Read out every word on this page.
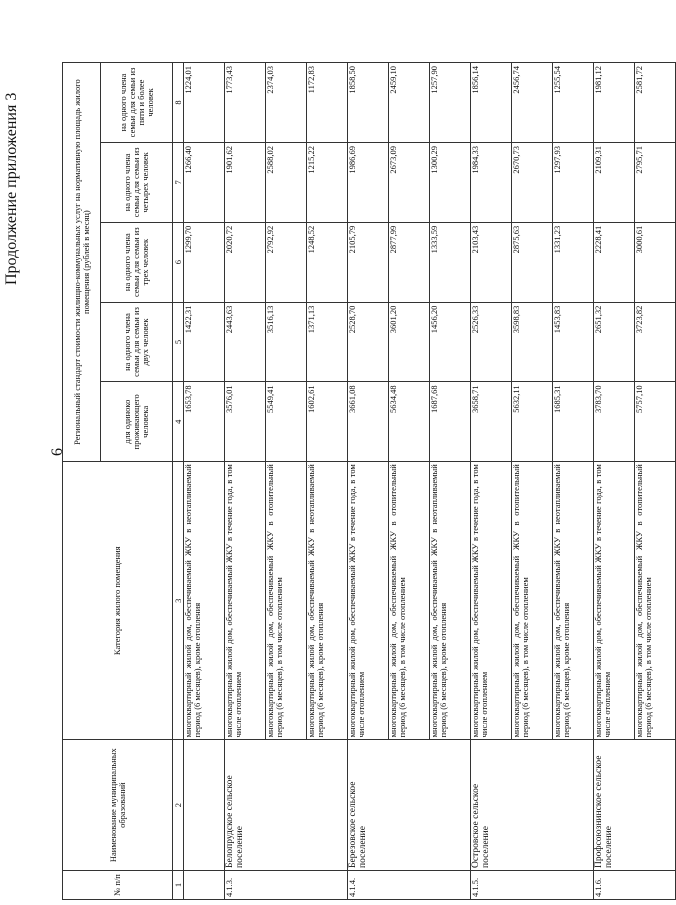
6
Продолжение приложения 3
№ п/п	Наименование муниципальных образований	Категория жилого помещения	Региональный стандарт стоимости жилищно-коммунальных услуг на нормативную площадь жилого помещения (рублей в месяц)				
			для одиноко проживающего человека	на одного члена семьи для семьи из двух человек	на одного члена семьи для семьи из трех человек	на одного члена семьи для семьи из четырех человек	на одного члена семьи для семьи из пяти и более человек
1	2	3	4	5	6	7	8
		многоквартирный жилой дом, обеспечиваемый ЖКУ в неотапливаемый период (6 месяцев), кроме отопления	1653,78	1422,31	1299,70	1266,40	1224,01
4.1.3.	Белопрудское сельское поселение	многоквартирный жилой дом, обеспечиваемый ЖКУ в течение года, в том числе отоплением	3576,01	2443,63	2020,72	1901,62	1773,43
		многоквартирный жилой дом, обеспечиваемый ЖКУ в отопительный период (6 месяцев), в том числе отоплением	5549,41	3516,13	2792,92	2588,02	2374,03
		многоквартирный жилой дом, обеспечиваемый ЖКУ в неотапливаемый период (6 месяцев), кроме отопления	1602,61	1371,13	1248,52	1215,22	1172,83
4.1.4.	Березовское сельское поселение	многоквартирный жилой дом, обеспечиваемый ЖКУ в течение года, в том числе отоплением	3661,08	2528,70	2105,79	1986,69	1858,50
		многоквартирный жилой дом, обеспечиваемый ЖКУ в отопительный период (6 месяцев), в том числе отоплением	5634,48	3601,20	2877,99	2673,09	2459,10
		многоквартирный жилой дом, обеспечиваемый ЖКУ в неотапливаемый период (6 месяцев), кроме отопления	1687,68	1456,20	1333,59	1300,29	1257,90
4.1.5.	Островское сельское поселение	многоквартирный жилой дом, обеспечиваемый ЖКУ в течение года, в том числе отоплением	3658,71	2526,33	2103,43	1984,33	1856,14
		многоквартирный жилой дом, обеспечиваемый ЖКУ в отопительный период (6 месяцев), в том числе отоплением	5632,11	3598,83	2875,63	2670,73	2456,74
		многоквартирный жилой дом, обеспечиваемый ЖКУ в неотапливаемый период (6 месяцев), кроме отопления	1685,31	1453,83	1331,23	1297,93	1255,54
4.1.6.	Профсоюзнинское сельское поселение	многоквартирный жилой дом, обеспечиваемый ЖКУ в течение года, в том числе отоплением	3783,70	2651,32	2228,41	2109,31	1981,12
		многоквартирный жилой дом, обеспечиваемый ЖКУ в отопительный период (6 месяцев), в том числе отоплением	5757,10	3723,82	3000,61	2795,71	2581,72
